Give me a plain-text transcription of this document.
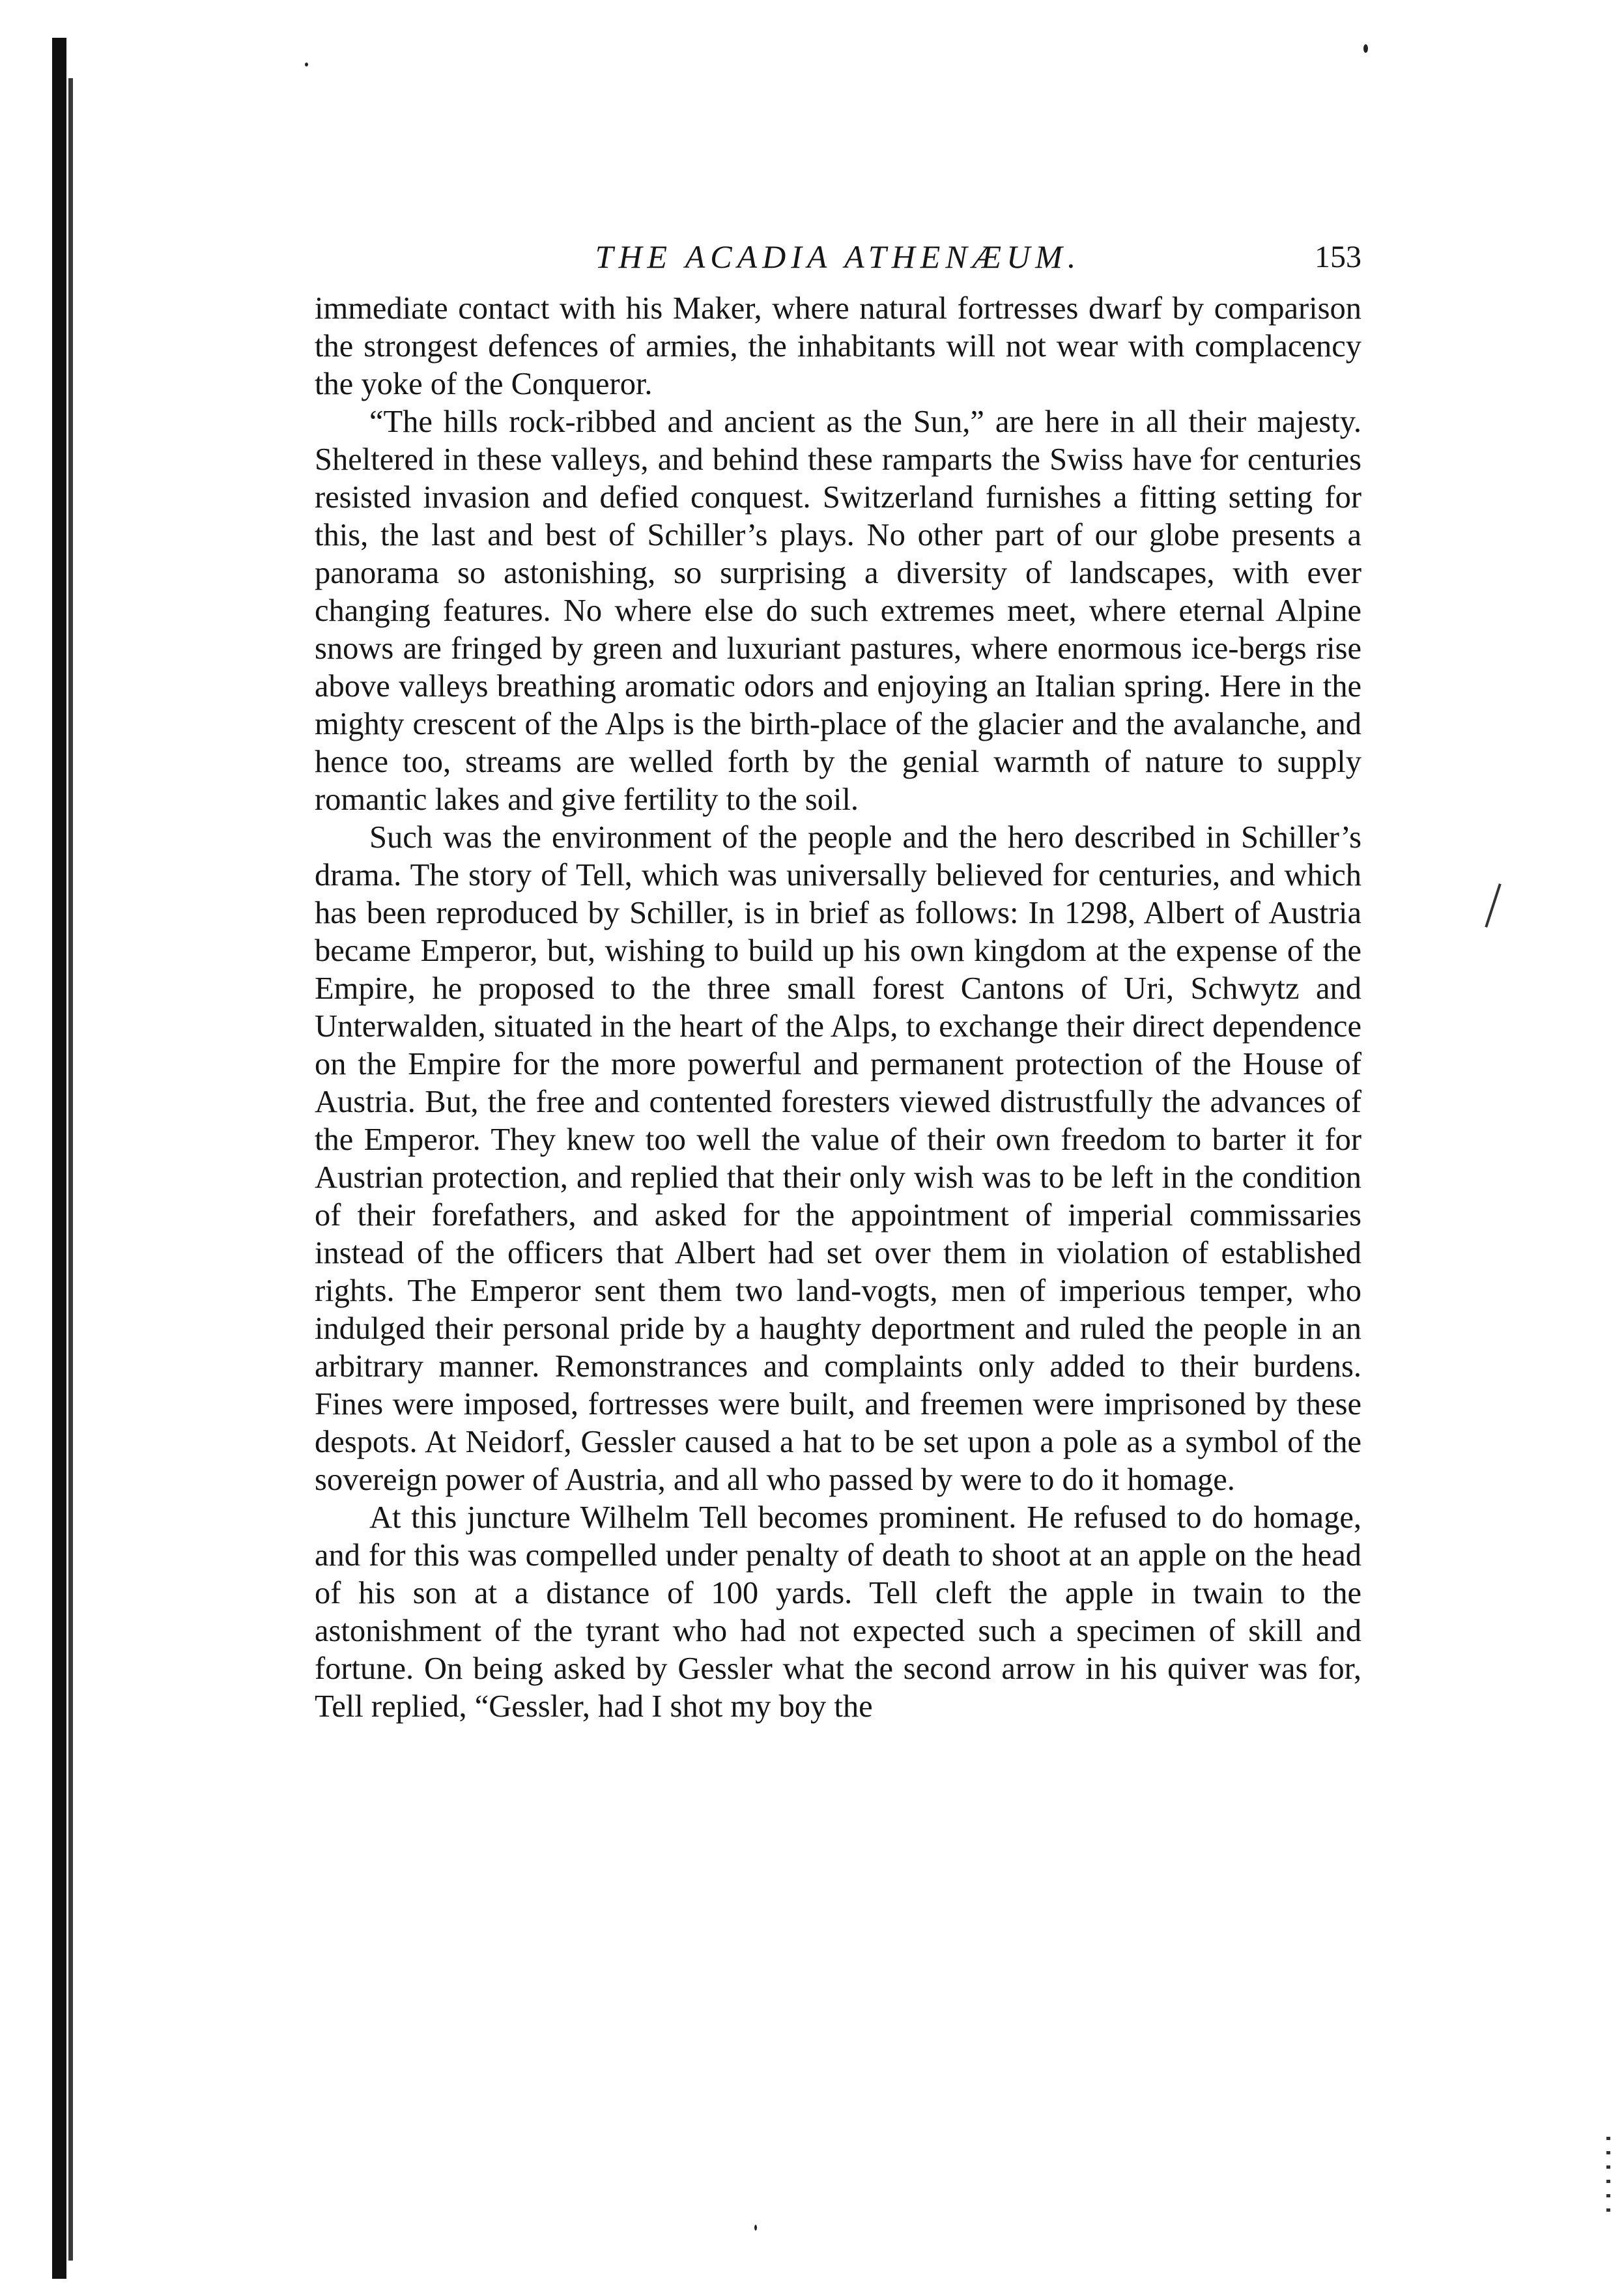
THE ACADIA ATHENÆUM.	153

immediate contact with his Maker, where natural fortresses dwarf by comparison the strongest defences of armies, the inhabitants will not wear with complacency the yoke of the Conqueror.

“The hills rock-ribbed and ancient as the Sun,” are here in all their majesty. Sheltered in these valleys, and behind these ramparts the Swiss have for centuries resisted invasion and defied conquest. Switzerland furnishes a fitting setting for this, the last and best of Schiller’s plays. No other part of our globe presents a panorama so astonishing, so surprising a diversity of landscapes, with ever changing features. No where else do such extremes meet, where eternal Alpine snows are fringed by green and luxuriant pastures, where enormous ice-bergs rise above valleys breathing aromatic odors and enjoying an Italian spring. Here in the mighty crescent of the Alps is the birth-place of the glacier and the avalanche, and hence too, streams are welled forth by the genial warmth of nature to supply romantic lakes and give fertility to the soil.

Such was the environment of the people and the hero described in Schiller’s drama. The story of Tell, which was universally believed for centuries, and which has been reproduced by Schiller, is in brief as follows: In 1298, Albert of Austria became Emperor, but, wishing to build up his own kingdom at the expense of the Empire, he proposed to the three small forest Cantons of Uri, Schwytz and Unterwalden, situated in the heart of the Alps, to exchange their direct dependence on the Empire for the more powerful and permanent protection of the House of Austria. But, the free and contented foresters viewed distrustfully the advances of the Emperor. They knew too well the value of their own freedom to barter it for Austrian protection, and replied that their only wish was to be left in the condition of their forefathers, and asked for the appointment of imperial commissaries instead of the officers that Albert had set over them in violation of established rights. The Emperor sent them two land-vogts, men of imperious temper, who indulged their personal pride by a haughty deportment and ruled the people in an arbitrary manner. Remonstrances and complaints only added to their burdens. Fines were imposed, fortresses were built, and freemen were imprisoned by these despots. At Neidorf, Gessler caused a hat to be set upon a pole as a symbol of the sovereign power of Austria, and all who passed by were to do it homage.

At this juncture Wilhelm Tell becomes prominent. He refused to do homage, and for this was compelled under penalty of death to shoot at an apple on the head of his son at a distance of 100 yards. Tell cleft the apple in twain to the astonishment of the tyrant who had not expected such a specimen of skill and fortune. On being asked by Gessler what the second arrow in his quiver was for, Tell replied, “Gessler, had I shot my boy the
